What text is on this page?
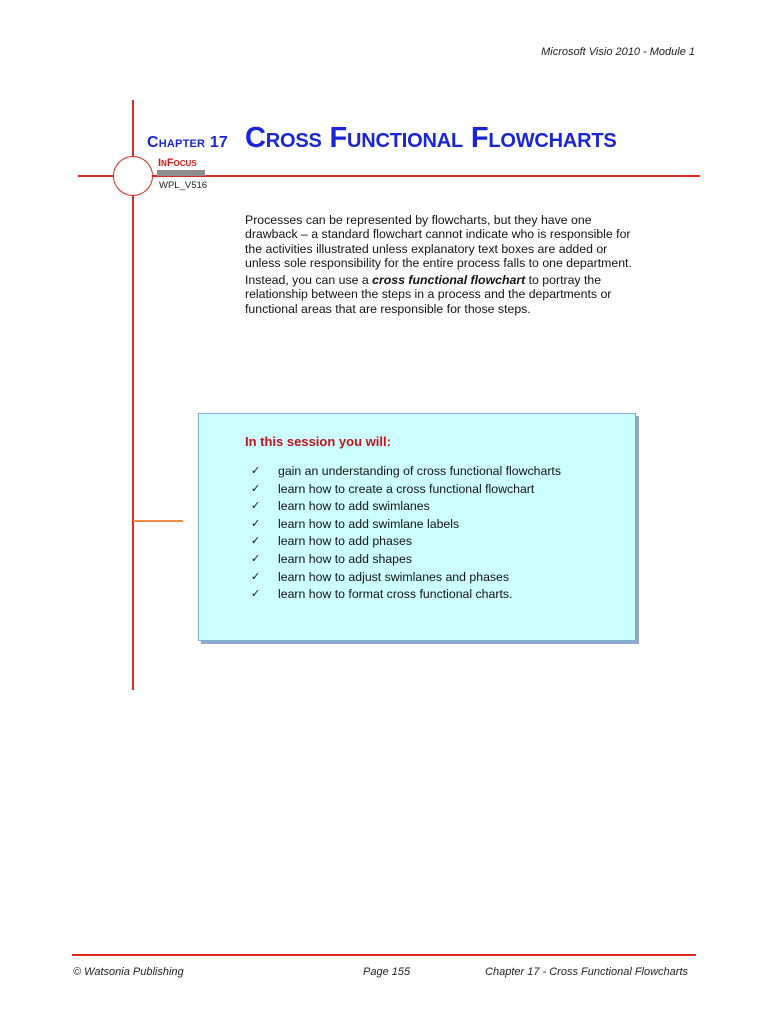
Microsoft Visio 2010 - Module 1
Chapter 17
InFocus
WPL_V516
Cross Functional Flowcharts

Processes can be represented by flowcharts, but they have one drawback – a standard flowchart cannot indicate who is responsible for the activities illustrated unless explanatory text boxes are added or unless sole responsibility for the entire process falls to one department.

Instead, you can use a cross functional flowchart to portray the relationship between the steps in a process and the departments or functional areas that are responsible for those steps.

In this session you will:
✓ gain an understanding of cross functional flowcharts
✓ learn how to create a cross functional flowchart
✓ learn how to add swimlanes
✓ learn how to add swimlane labels
✓ learn how to add phases
✓ learn how to add shapes
✓ learn how to adjust swimlanes and phases
✓ learn how to format cross functional charts.
© Watsonia Publishing	Page 155	Chapter 17 - Cross Functional Flowcharts
